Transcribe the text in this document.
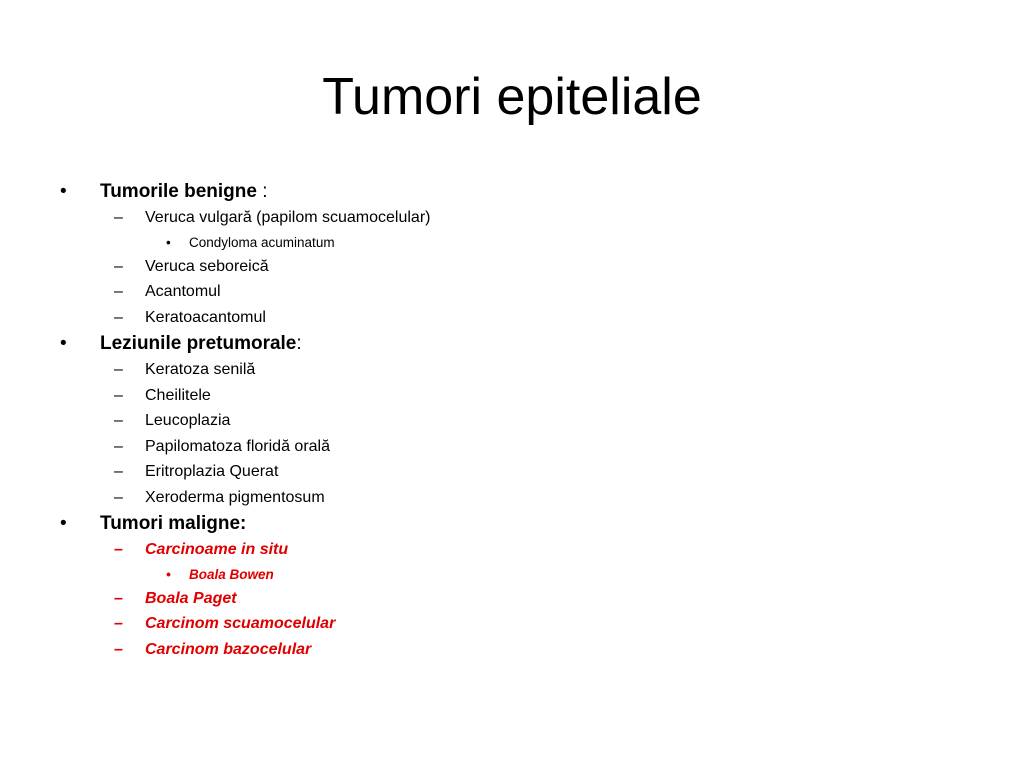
Tumori epiteliale
• Tumorile benigne :
– Veruca vulgară (papilom scuamocelular)
• Condyloma acuminatum
– Veruca seboreică
– Acantomul
– Keratoacantomul
• Leziunile pretumorale:
– Keratoza senilă
– Cheilitele
– Leucoplazia
– Papilomatoza floridă orală
– Eritroplazia Querat
– Xeroderma pigmentosum
• Tumori maligne:
– Carcinoame in situ
• Boala Bowen
– Boala Paget
– Carcinom scuamocelular
– Carcinom bazocelular
